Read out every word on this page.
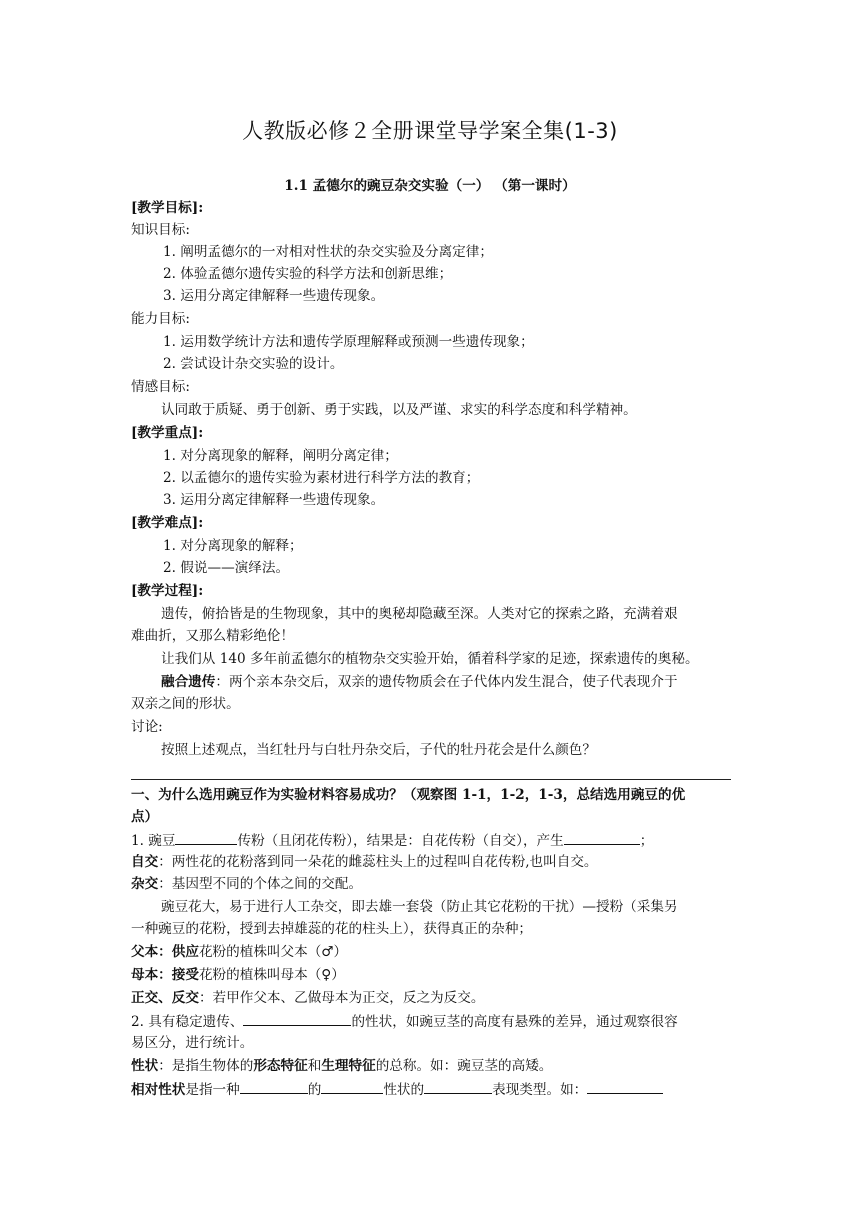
人教版必修２全册课堂导学案全集(1-3)
1.1 孟德尔的豌豆杂交实验（一） （第一课时）
[教学目标]:
知识目标:
1. 阐明孟德尔的一对相对性状的杂交实验及分离定律；
2. 体验孟德尔遗传实验的科学方法和创新思维；
3. 运用分离定律解释一些遗传现象。
能力目标:
1. 运用数学统计方法和遗传学原理解释或预测一些遗传现象；
2. 尝试设计杂交实验的设计。
情感目标:
认同敢于质疑、勇于创新、勇于实践，以及严谨、求实的科学态度和科学精神。
[教学重点]:
1. 对分离现象的解释，阐明分离定律；
2. 以孟德尔的遗传实验为素材进行科学方法的教育；
3. 运用分离定律解释一些遗传现象。
[教学难点]:
1. 对分离现象的解释；
2. 假说——演绎法。
[教学过程]:
遗传，俯拾皆是的生物现象，其中的奥秘却隐藏至深。人类对它的探索之路，充满着艰
难曲折，又那么精彩绝伦！
让我们从 140 多年前孟德尔的植物杂交实验开始，循着科学家的足迹，探索遗传的奥秘。
融合遗传：两个亲本杂交后，双亲的遗传物质会在子代体内发生混合，使子代表现介于
双亲之间的形状。
讨论:
按照上述观点，当红牡丹与白牡丹杂交后，子代的牡丹花会是什么颜色？
一、为什么选用豌豆作为实验材料容易成功？（观察图 1-1，1-2，1-3，总结选用豌豆的优
点）
1. 豌豆	传粉（且闭花传粉），结果是：自花传粉（自交），产生	；
自交：两性花的花粉落到同一朵花的雌蕊柱头上的过程叫自花传粉,也叫自交。
杂交：基因型不同的个体之间的交配。
豌豆花大，易于进行人工杂交，即去雄一套袋（防止其它花粉的干扰）—授粉（采集另
一种豌豆的花粉，授到去掉雄蕊的花的柱头上），获得真正的杂种；
父本：供应花粉的植株叫父本（♂）
母本：接受花粉的植株叫母本（♀）
正交、反交：若甲作父本、乙做母本为正交，反之为反交。
2. 具有稳定遗传、	的性状，如豌豆茎的高度有悬殊的差异，通过观察很容
易区分，进行统计。
性状：是指生物体的形态特征和生理特征的总称。如：豌豆茎的高矮。
相对性状是指一种	的	性状的	表现类型。如：
